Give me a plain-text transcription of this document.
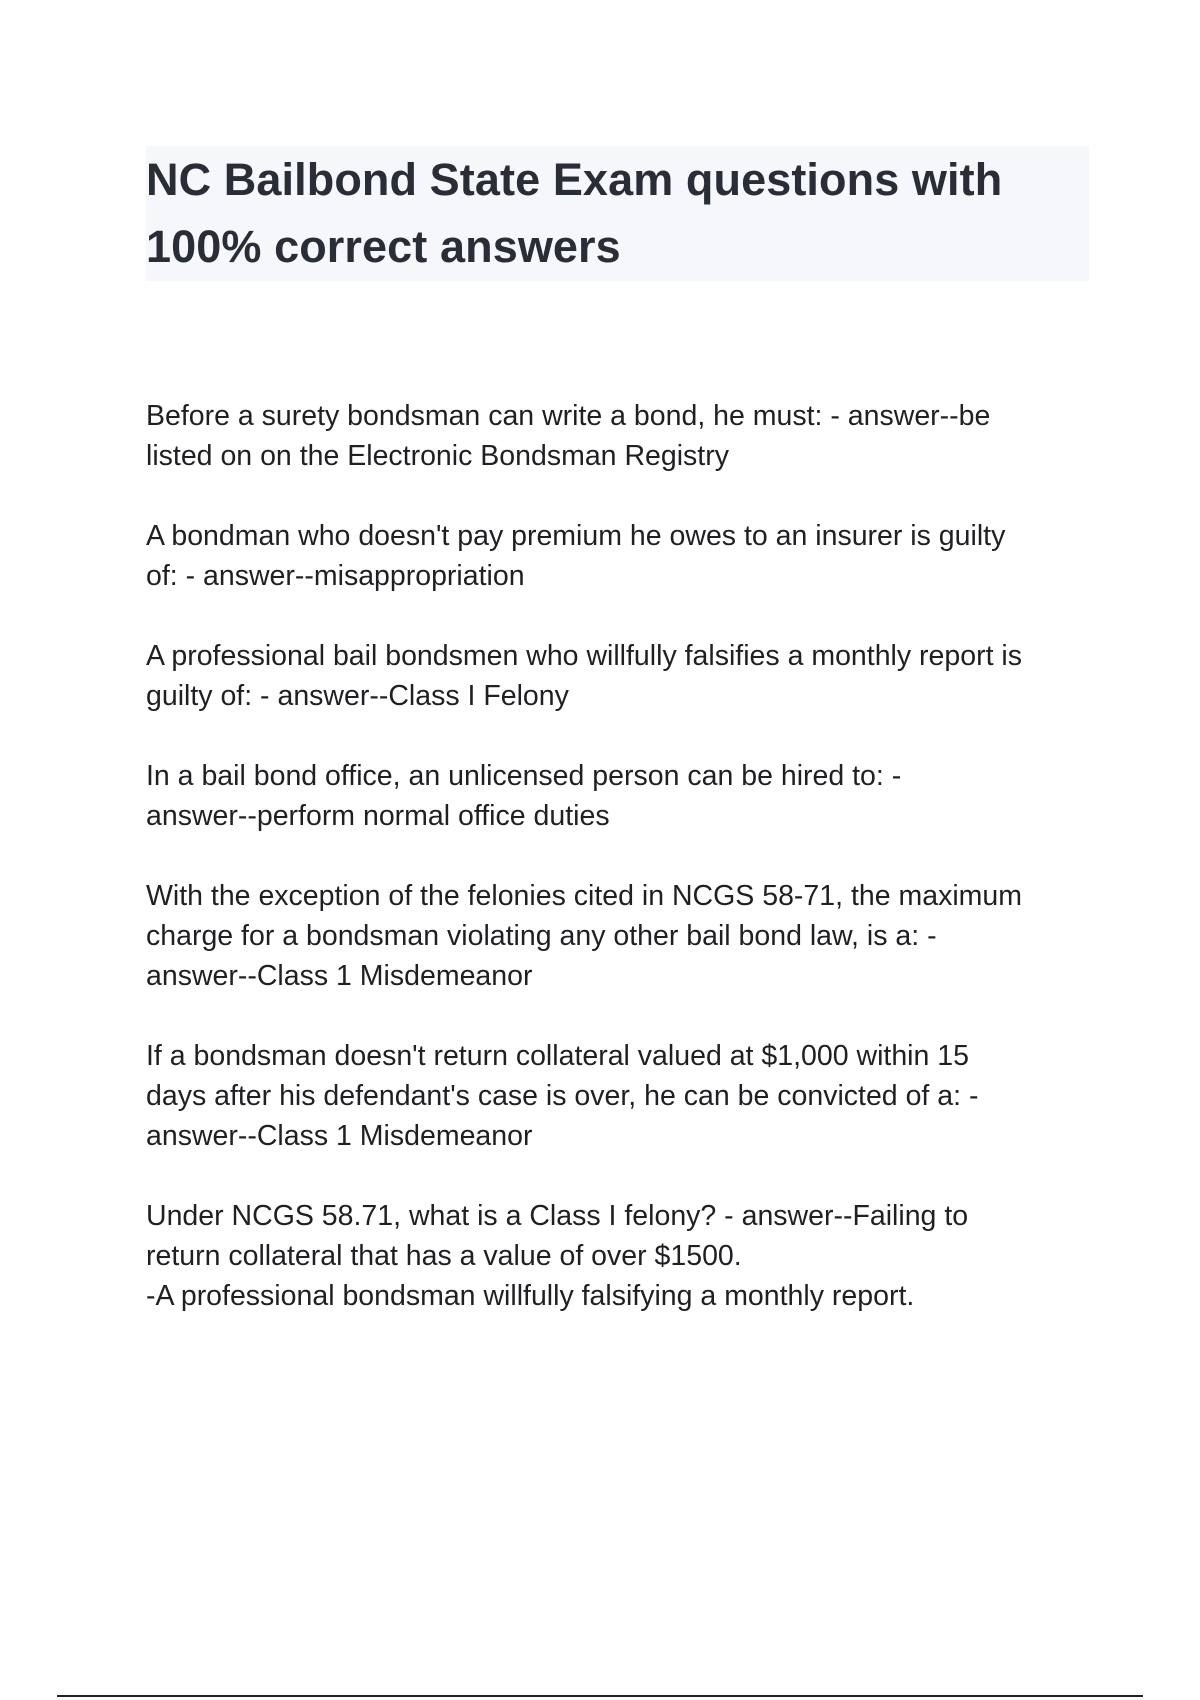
NC Bailbond State Exam questions with
100% correct answers

Before a surety bondsman can write a bond, he must: - answer--be
listed on on the Electronic Bondsman Registry

A bondman who doesn't pay premium he owes to an insurer is guilty
of: - answer--misappropriation

A professional bail bondsmen who willfully falsifies a monthly report is
guilty of: - answer--Class I Felony

In a bail bond office, an unlicensed person can be hired to: -
answer--perform normal office duties

With the exception of the felonies cited in NCGS 58-71, the maximum
charge for a bondsman violating any other bail bond law, is a: -
answer--Class 1 Misdemeanor

If a bondsman doesn't return collateral valued at $1,000 within 15
days after his defendant's case is over, he can be convicted of a: -
answer--Class 1 Misdemeanor

Under NCGS 58.71, what is a Class I felony? - answer--Failing to
return collateral that has a value of over $1500.
-A professional bondsman willfully falsifying a monthly report.
